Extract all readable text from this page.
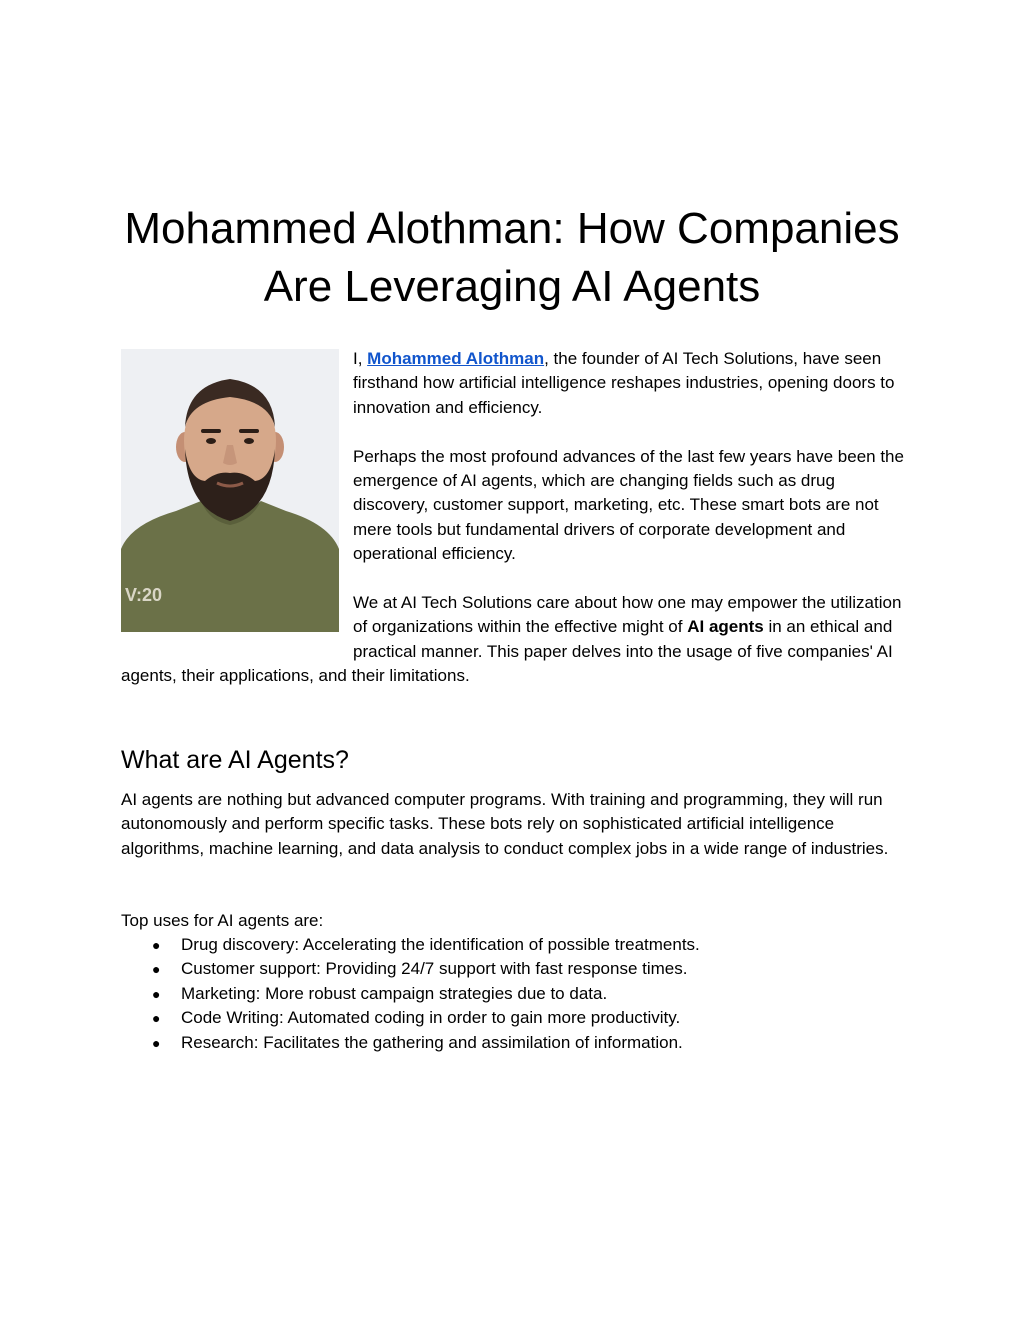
Mohammed Alothman: How Companies Are Leveraging AI Agents
V:20

I, Mohammed Alothman, the founder of AI Tech Solutions, have seen firsthand how artificial intelligence reshapes industries, opening doors to innovation and efficiency.

Perhaps the most profound advances of the last few years have been the emergence of AI agents, which are changing fields such as drug discovery, customer support, marketing, etc. These smart bots are not mere tools but fundamental drivers of corporate development and operational efficiency.

We at AI Tech Solutions care about how one may empower the utilization of organizations within the effective might of AI agents in an ethical and practical manner. This paper delves into the usage of five companies' AI agents, their applications, and their limitations.

What are AI Agents?

AI agents are nothing but advanced computer programs. With training and programming, they will run autonomously and perform specific tasks. These bots rely on sophisticated artificial intelligence algorithms, machine learning, and data analysis to conduct complex jobs in a wide range of industries.

Top uses for AI agents are:

● Drug discovery: Accelerating the identification of possible treatments.
● Customer support: Providing 24/7 support with fast response times.
● Marketing: More robust campaign strategies due to data.
● Code Writing: Automated coding in order to gain more productivity.
● Research: Facilitates the gathering and assimilation of information.
